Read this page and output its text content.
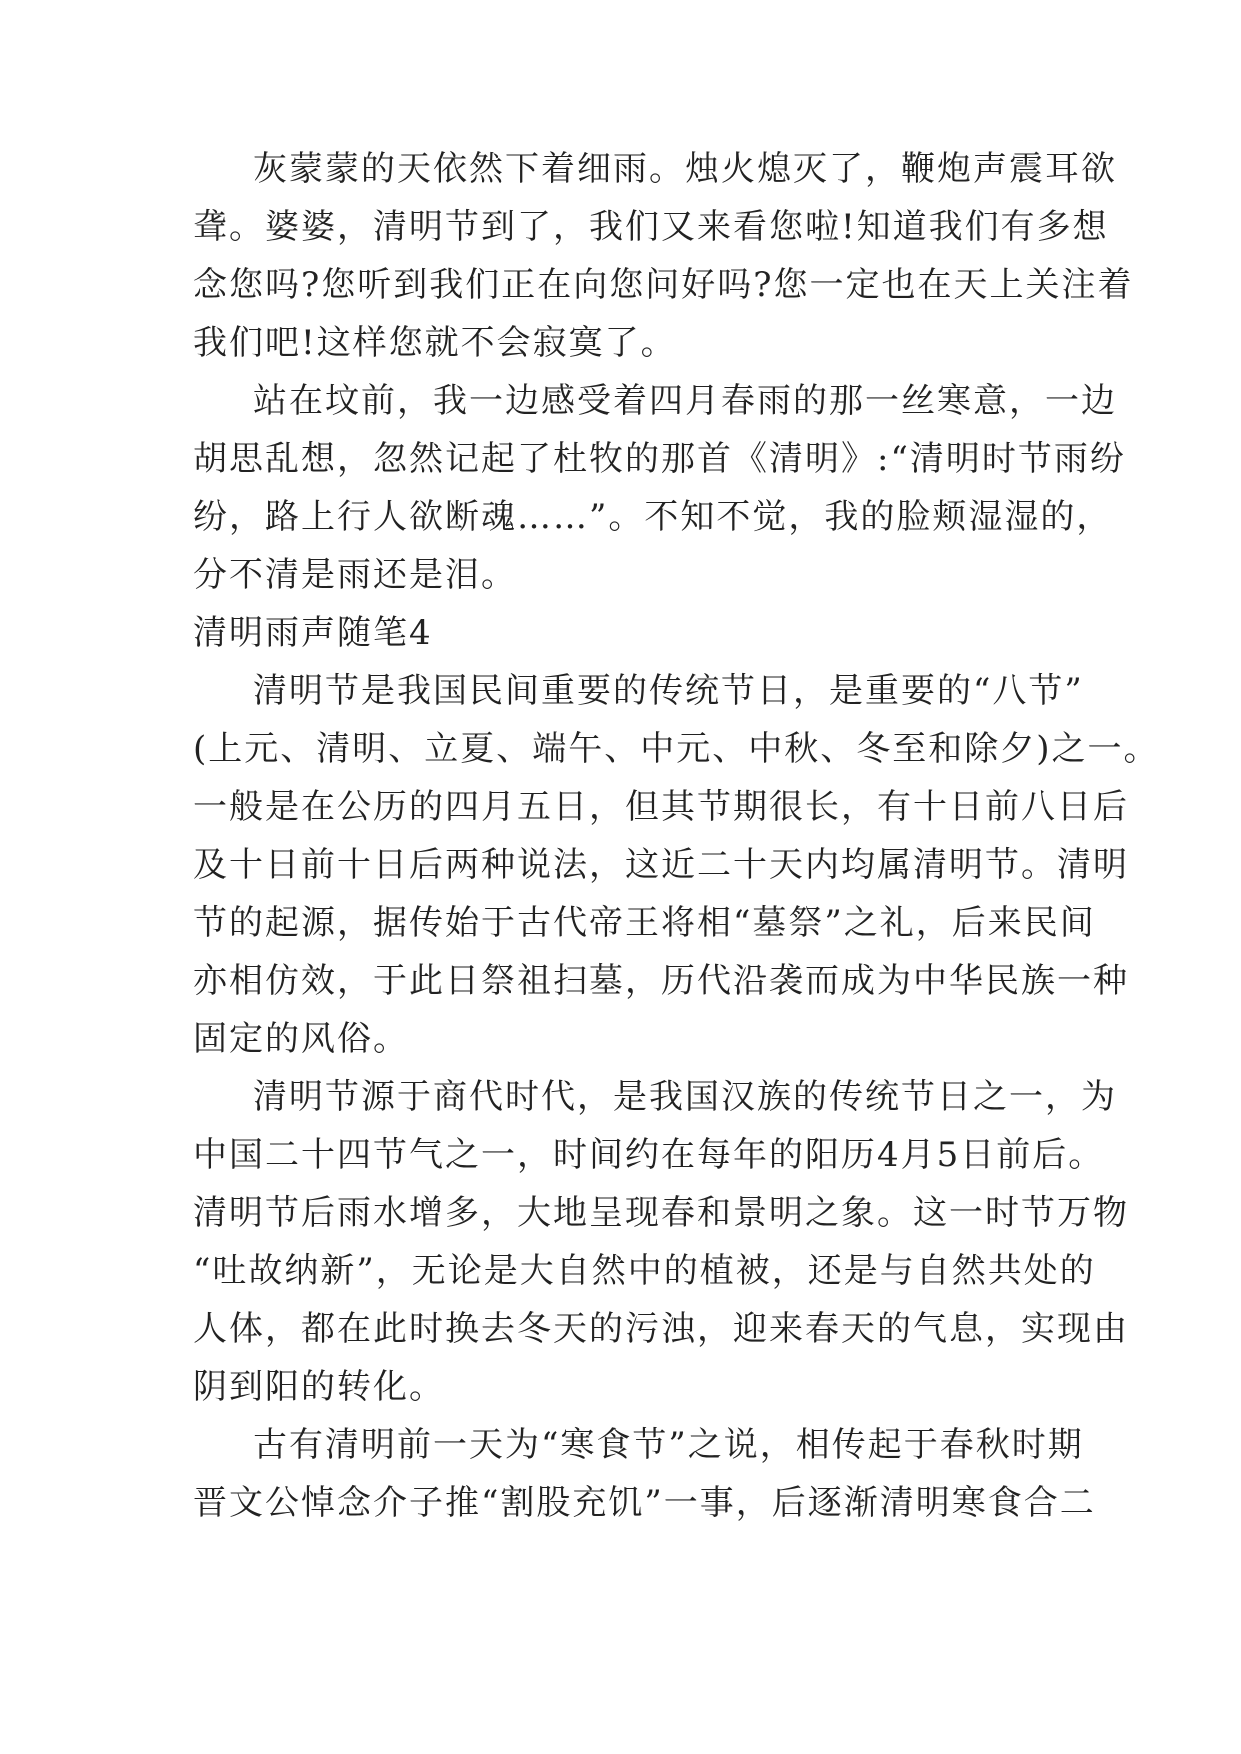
灰蒙蒙的天依然下着细雨。烛火熄灭了，鞭炮声震耳欲
聋。婆婆，清明节到了，我们又来看您啦!知道我们有多想
念您吗?您听到我们正在向您问好吗?您一定也在天上关注着
我们吧!这样您就不会寂寞了。
站在坟前，我一边感受着四月春雨的那一丝寒意，一边
胡思乱想，忽然记起了杜牧的那首《清明》:“清明时节雨纷
纷，路上行人欲断魂……”。不知不觉，我的脸颊湿湿的，
分不清是雨还是泪。
清明雨声随笔4
清明节是我国民间重要的传统节日，是重要的“八节”
(上元、清明、立夏、端午、中元、中秋、冬至和除夕)之一。
一般是在公历的四月五日，但其节期很长，有十日前八日后
及十日前十日后两种说法，这近二十天内均属清明节。清明
节的起源，据传始于古代帝王将相“墓祭”之礼，后来民间
亦相仿效，于此日祭祖扫墓，历代沿袭而成为中华民族一种
固定的风俗。
清明节源于商代时代，是我国汉族的传统节日之一，为
中国二十四节气之一，时间约在每年的阳历4月5日前后。
清明节后雨水增多，大地呈现春和景明之象。这一时节万物
“吐故纳新”，无论是大自然中的植被，还是与自然共处的
人体，都在此时换去冬天的污浊，迎来春天的气息，实现由
阴到阳的转化。
古有清明前一天为“寒食节”之说，相传起于春秋时期
晋文公悼念介子推“割股充饥”一事，后逐渐清明寒食合二
